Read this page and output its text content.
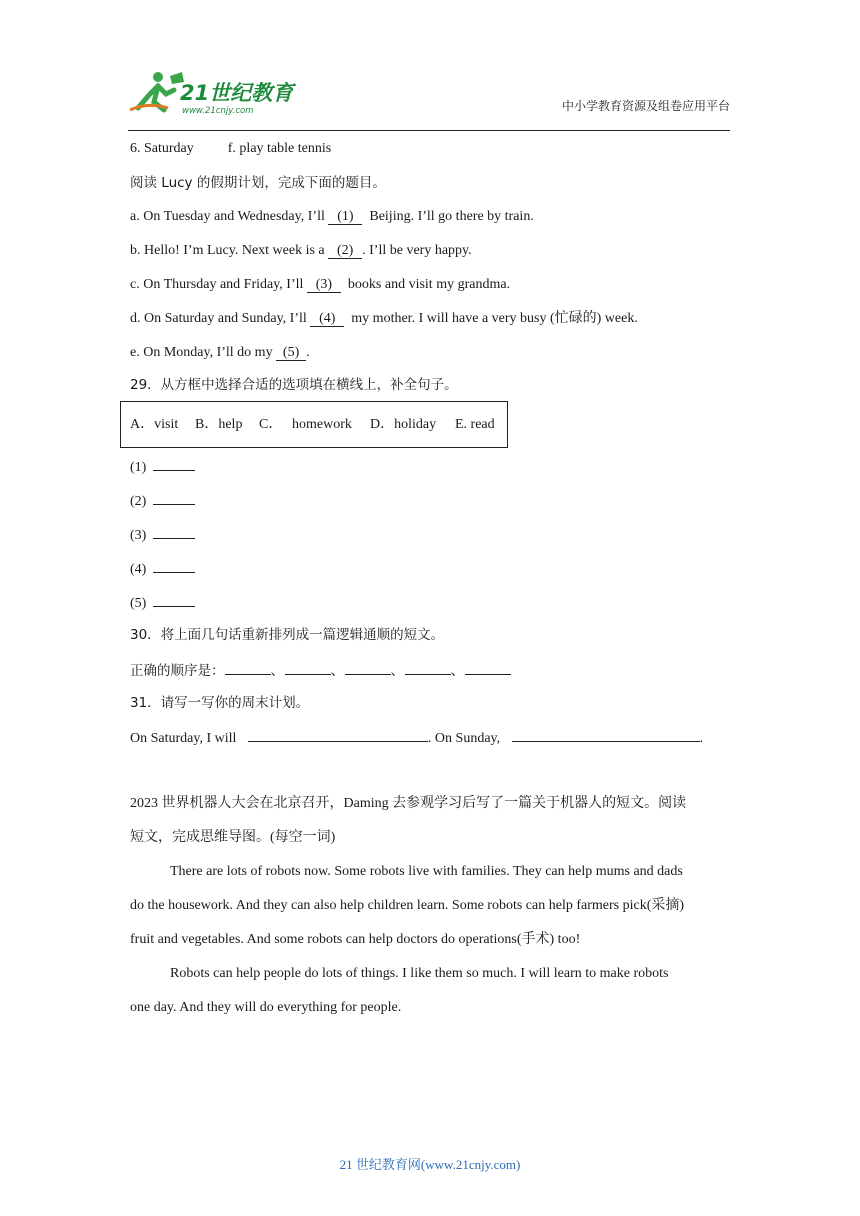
21世纪教育
www.21cnjy.com	中小学教育资源及组卷应用平台
6. Saturday f. play table tennis
阅读 Lucy 的假期计划，完成下面的题目。
a. On Tuesday and Wednesday, I’ll (1)  Beijing. I’ll go there by train.
b. Hello! I’m Lucy. Next week is a (2) . I’ll be very happy.
c. On Thursday and Friday, I’ll (3)  books and visit my grandma.
d. On Saturday and Sunday, I’ll (4)  my mother. I will have a very busy (忙碌的) week.
e. On Monday, I’ll do my (5) .
29．从方框中选择合适的选项填在横线上，补全句子。
A．visit B．help C． homework D．holiday E. read
(1)
(2)
(3)
(4)
(5)
30．将上面几句话重新排列成一篇逻辑通顺的短文。
正确的顺序是：	、	、	、	、
31．请写一写你的周末计划。
On Saturday, I will	. On Sunday,	.
2023 世界机器人大会在北京召开，Daming 去参观学习后写了一篇关于机器人的短文。阅读
短文，完成思维导图。(每空一词)
There are lots of robots now. Some robots live with families. They can help mums and dads
do the housework. And they can also help children learn. Some robots can help farmers pick(采摘)
fruit and vegetables. And some robots can help doctors do operations(手术) too!
Robots can help people do lots of things. I like them so much. I will learn to make robots
one day. And they will do everything for people.
21 世纪教育网(www.21cnjy.com)
